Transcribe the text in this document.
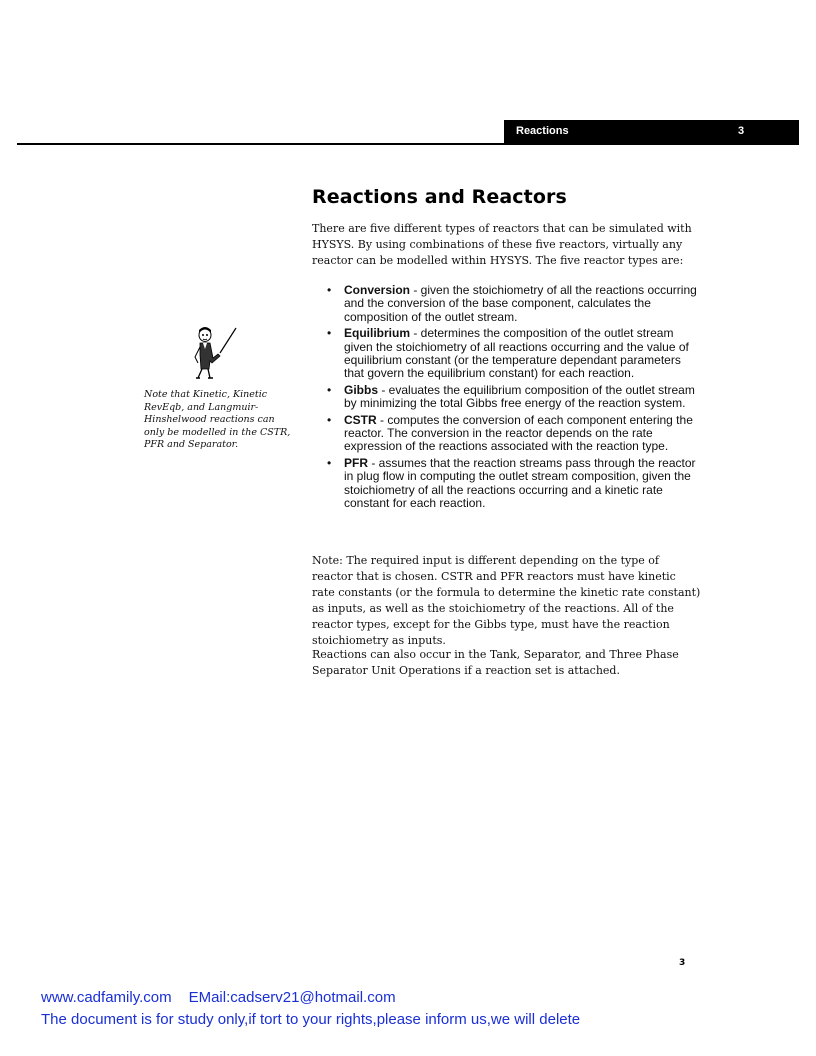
Reactions	3
Reactions and Reactors

There are five different types of reactors that can be simulated with HYSYS. By using combinations of these five reactors, virtually any reactor can be modelled within HYSYS. The five reactor types are:

• Conversion - given the stoichiometry of all the reactions occurring and the conversion of the base component, calculates the composition of the outlet stream.
• Equilibrium - determines the composition of the outlet stream given the stoichiometry of all reactions occurring and the value of equilibrium constant (or the temperature dependant parameters that govern the equilibrium constant) for each reaction.
• Gibbs - evaluates the equilibrium composition of the outlet stream by minimizing the total Gibbs free energy of the reaction system.
• CSTR - computes the conversion of each component entering the reactor. The conversion in the reactor depends on the rate expression of the reactions associated with the reaction type.
• PFR - assumes that the reaction streams pass through the reactor in plug flow in computing the outlet stream composition, given the stoichiometry of all the reactions occurring and a kinetic rate constant for each reaction.

Note: The required input is different depending on the type of reactor that is chosen. CSTR and PFR reactors must have kinetic rate constants (or the formula to determine the kinetic rate constant) as inputs, as well as the stoichiometry of the reactions. All of the reactor types, except for the Gibbs type, must have the reaction stoichiometry as inputs.

Reactions can also occur in the Tank, Separator, and Three Phase Separator Unit Operations if a reaction set is attached.

Note that Kinetic, Kinetic RevEqb, and Langmuir-Hinshelwood reactions can only be modelled in the CSTR, PFR and Separator.

3
www.cadfamily.com EMail:cadserv21@hotmail.com
The document is for study only,if tort to your rights,please inform us,we will delete
